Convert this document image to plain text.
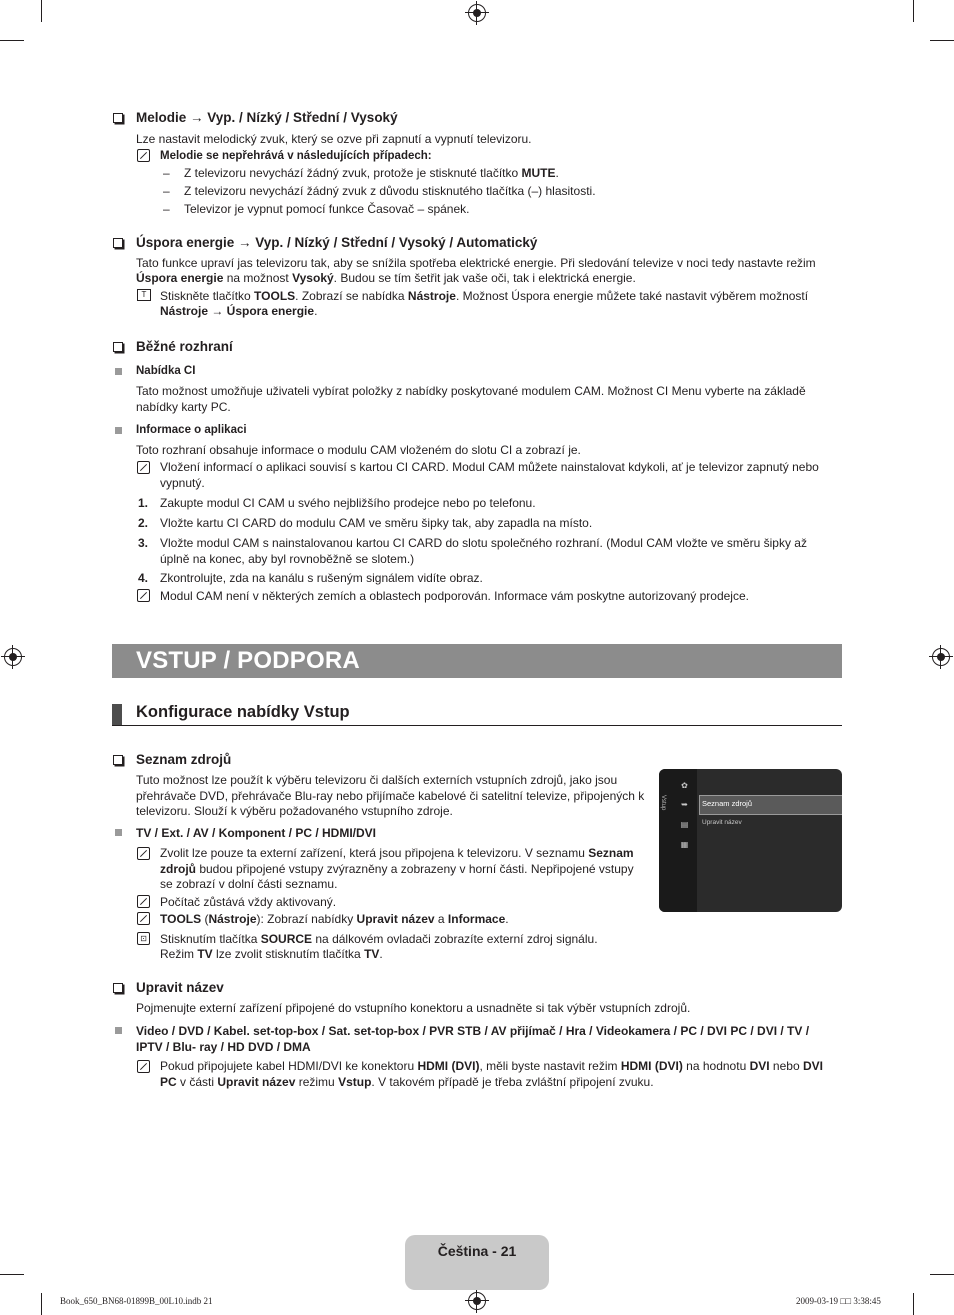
Melodie → Vyp. / Nízký / Střední / Vysoký
Lze nastavit melodický zvuk, který se ozve při zapnutí a vypnutí televizoru.
Melodie se nepřehrává v následujících případech:
– Z televizoru nevychází žádný zvuk, protože je stisknuté tlačítko MUTE.
– Z televizoru nevychází žádný zvuk z důvodu stisknutého tlačítka (–) hlasitosti.
– Televizor je vypnut pomocí funkce Časovač – spánek.
Úspora energie → Vyp. / Nízký / Střední / Vysoký / Automatický
Tato funkce upraví jas televizoru tak, aby se snížila spotřeba elektrické energie. Při sledování televize v noci tedy nastavte režim
Úspora energie na možnost Vysoký. Budou se tím šetřit jak vaše oči, tak i elektrická energie.
T	Stiskněte tlačítko TOOLS. Zobrazí se nabídka Nástroje. Možnost Úspora energie můžete také nastavit výběrem možností
Nástroje → Úspora energie.
Běžné rozhraní
Nabídka CI
Tato možnost umožňuje uživateli vybírat položky z nabídky poskytované modulem CAM. Možnost CI Menu vyberte na základě nabídky karty PC.
Informace o aplikaci
Toto rozhraní obsahuje informace o modulu CAM vloženém do slotu CI a zobrazí je.
Vložení informací o aplikaci souvisí s kartou CI CARD. Modul CAM můžete nainstalovat kdykoli, ať je televizor zapnutý nebo vypnutý.
1. Zakupte modul CI CAM u svého nejbližšího prodejce nebo po telefonu.
2. Vložte kartu CI CARD do modulu CAM ve směru šipky tak, aby zapadla na místo.
3. Vložte modul CAM s nainstalovanou kartou CI CARD do slotu společného rozhraní. (Modul CAM vložte ve směru šipky až úplně na konec, aby byl rovnoběžně se slotem.)
4. Zkontrolujte, zda na kanálu s rušeným signálem vidíte obraz.
Modul CAM není v některých zemích a oblastech podporován. Informace vám poskytne autorizovaný prodejce.
VSTUP / PODPORA
Konfigurace nabídky Vstup
Seznam zdrojů
Tuto možnost lze použít k výběru televizoru či dalších externích vstupních zdrojů, jako jsou přehrávače DVD, přehrávače Blu-ray nebo přijímače kabelové či satelitní televize, připojených k televizoru. Slouží k výběru požadovaného vstupního zdroje.
TV / Ext. / AV / Komponent / PC / HDMI/DVI
Zvolit lze pouze ta externí zařízení, která jsou připojena k televizoru. V seznamu Seznam zdrojů budou připojené vstupy zvýrazněny a zobrazeny v horní části. Nepřipojené vstupy se zobrazí v dolní části seznamu.
Počítač zůstává vždy aktivovaný.
TOOLS (Nástroje): Zobrazí nabídky Upravit název a Informace.
⊡ Stisknutím tlačítka SOURCE na dálkovém ovladači zobrazíte externí zdroj signálu.
Režim TV lze zvolit stisknutím tlačítka TV.
Vstup
✿
➥
▤
▦
Seznam zdrojů
Upravit název
Upravit název
Pojmenujte externí zařízení připojené do vstupního konektoru a usnadněte si tak výběr vstupních zdrojů.
Video / DVD / Kabel. set-top-box / Sat. set-top-box / PVR STB / AV přijímač / Hra / Videokamera / PC / DVI PC / DVI / TV / IPTV / Blu- ray / HD DVD / DMA
Pokud připojujete kabel HDMI/DVI ke konektoru HDMI (DVI), měli byste nastavit režim HDMI (DVI) na hodnotu DVI nebo DVI PC v části Upravit název režimu Vstup. V takovém případě je třeba zvláštní připojení zvuku.
Čeština - 21
Book_650_BN68-01899B_00L10.indb 21	2009-03-19 □□ 3:38:45
